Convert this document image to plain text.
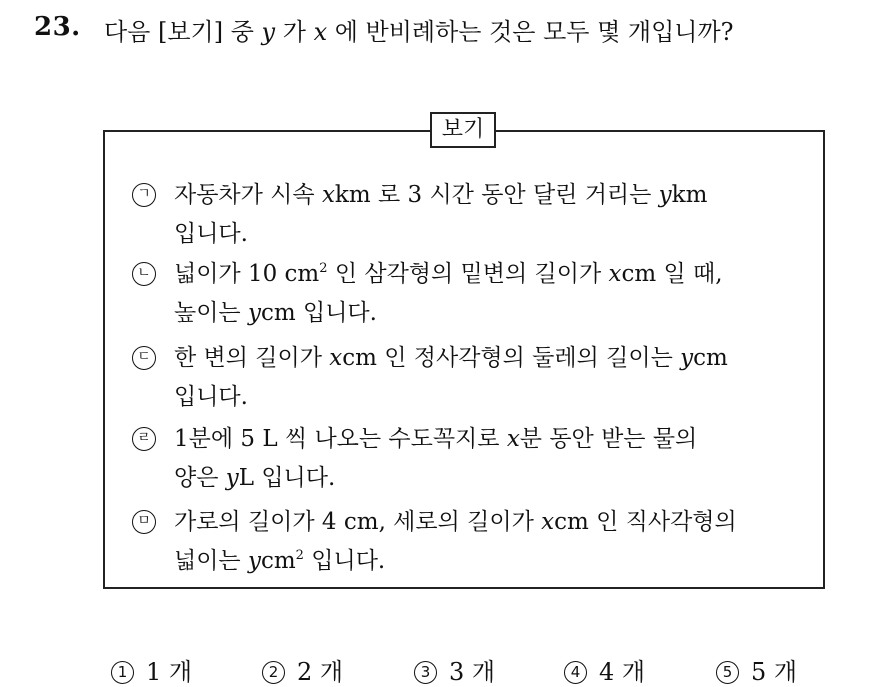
23. 다음 [보기] 중 y 가 x 에 반비례하는 것은 모두 몇 개입니까?
보기
ㄱ 자동차가 시속 xkm 로 3 시간 동안 달린 거리는 ykm
입니다.
ㄴ 넓이가 10 $cm^2$ 인 삼각형의 밑변의 길이가 xcm 일 때,
높이는 ycm 입니다.
ㄷ 한 변의 길이가 xcm 인 정사각형의 둘레의 길이는 ycm
입니다.
ㄹ 1분에 5 L 씩 나오는 수도꼭지로 x분 동안 받는 물의
양은 yL 입니다.
ㅁ 가로의 길이가 4 cm, 세로의 길이가 xcm 인 직사각형의
넓이는 ycm$^2$ 입니다.
1 1 개	2 2 개	3 3 개	4 4 개	5 5 개
